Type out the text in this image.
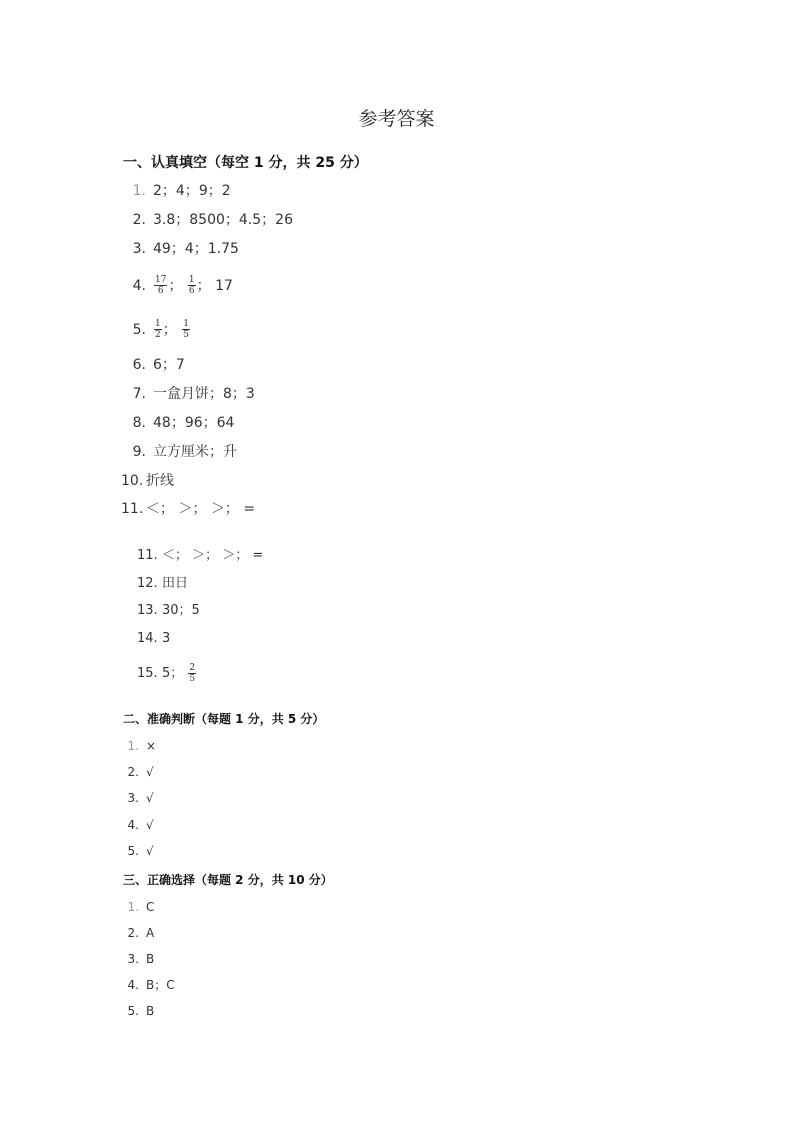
参考答案
一、认真填空（每空 1 分，共 25 分）
1. 2；4；9；2
2. 3.8；8500；4.5；26
3. 49；4；1.75
4. $\frac{17}{6}$ ； $\frac{1}{6}$ ； 17
5. $\frac{1}{2}$ ； $\frac{1}{5}$
6. 6；7
7. 一盒月饼；8；3
8. 48；96；64
9. 立方厘米；升
10. 折线
11. ＜； ＞； ＞； =
11. ＜； ＞； ＞； =
12. 田日
13. 30；5
14. 3
15. 5； $\frac{2}{5}$
二、准确判断（每题 1 分，共 5 分）
1. ×
2. √
3. √
4. √
5. √
三、正确选择（每题 2 分，共 10 分）
1. C
2. A
3. B
4. B；C
5. B
